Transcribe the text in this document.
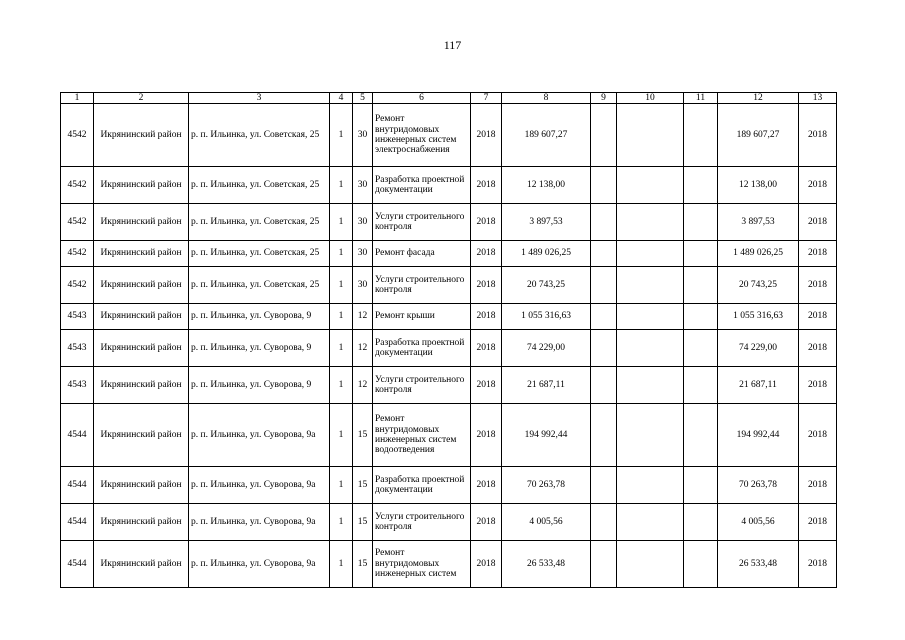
117
1	2	3	4	5	6	7	8	9	10	11	12	13
4542	Икрянинский район	р. п. Ильинка, ул. Советская, 25	1	30	Ремонт внутридомовых инженерных систем электроснабжения	2018	189 607,27				189 607,27	2018
4542	Икрянинский район	р. п. Ильинка, ул. Советская, 25	1	30	Разработка проектной документации	2018	12 138,00				12 138,00	2018
4542	Икрянинский район	р. п. Ильинка, ул. Советская, 25	1	30	Услуги строительного контроля	2018	3 897,53				3 897,53	2018
4542	Икрянинский район	р. п. Ильинка, ул. Советская, 25	1	30	Ремонт фасада	2018	1 489 026,25				1 489 026,25	2018
4542	Икрянинский район	р. п. Ильинка, ул. Советская, 25	1	30	Услуги строительного контроля	2018	20 743,25				20 743,25	2018
4543	Икрянинский район	р. п. Ильинка, ул. Суворова, 9	1	12	Ремонт крыши	2018	1 055 316,63				1 055 316,63	2018
4543	Икрянинский район	р. п. Ильинка, ул. Суворова, 9	1	12	Разработка проектной документации	2018	74 229,00				74 229,00	2018
4543	Икрянинский район	р. п. Ильинка, ул. Суворова, 9	1	12	Услуги строительного контроля	2018	21 687,11				21 687,11	2018
4544	Икрянинский район	р. п. Ильинка, ул. Суворова, 9а	1	15	Ремонт внутридомовых инженерных систем водоотведения	2018	194 992,44				194 992,44	2018
4544	Икрянинский район	р. п. Ильинка, ул. Суворова, 9а	1	15	Разработка проектной документации	2018	70 263,78				70 263,78	2018
4544	Икрянинский район	р. п. Ильинка, ул. Суворова, 9а	1	15	Услуги строительного контроля	2018	4 005,56				4 005,56	2018
4544	Икрянинский район	р. п. Ильинка, ул. Суворова, 9а	1	15	Ремонт внутридомовых инженерных систем	2018	26 533,48				26 533,48	2018
